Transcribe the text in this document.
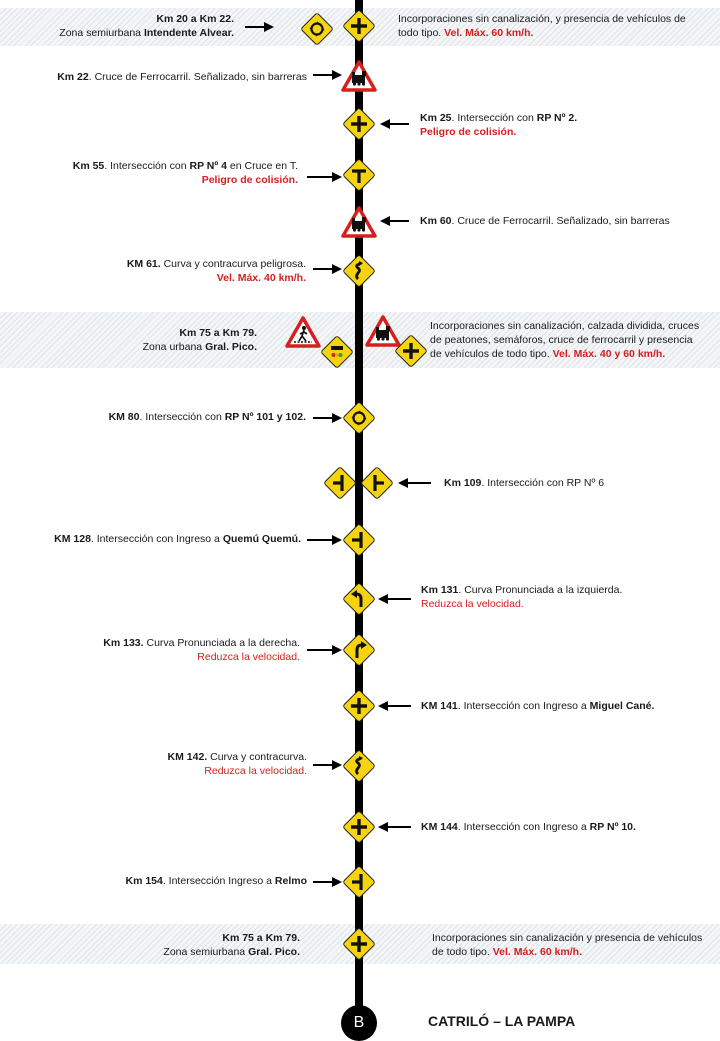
Km 20 a Km 22.
Zona semiurbana Intendente Alvear.
Incorporaciones sin canalización, y presencia de vehículos de
todo tipo. Vel. Máx. 60 km/h.
Km 22. Cruce de Ferrocarril. Señalizado, sin barreras
Km 25. Intersección con RP Nº 2.
Peligro de colisión.
Km 55. Intersección con RP Nº 4 en Cruce en T.
Peligro de colisión.
Km 60. Cruce de Ferrocarril. Señalizado, sin barreras
KM 61. Curva y contracurva peligrosa.
Vel. Máx. 40 km/h.
Km 75 a Km 79.
Zona urbana Gral. Pico.
Incorporaciones sin canalización, calzada dividida, cruces
de peatones, semáforos, cruce de ferrocarril y presencia
de vehículos de todo tipo. Vel. Máx. 40 y 60 km/h.
KM 80. Intersección con RP Nº 101 y 102.
Km 109. Intersección con RP Nº 6
KM 128. Intersección con Ingreso a Quemú Quemú.
Km 131. Curva Pronunciada a la izquierda.
Reduzca la velocidad.
Km 133. Curva Pronunciada a la derecha.
Reduzca la velocidad.
KM 141. Intersección con Ingreso a Miguel Cané.
KM 142. Curva y contracurva.
Reduzca la velocidad.
KM 144. Intersección con Ingreso a RP Nº 10.
Km 154. Intersección Ingreso a Relmo
Km 75 a Km 79.
Zona semiurbana Gral. Pico.
Incorporaciones sin canalización y presencia de vehículos
de todo tipo. Vel. Máx. 60 km/h.
B	CATRILÓ – LA PAMPA
